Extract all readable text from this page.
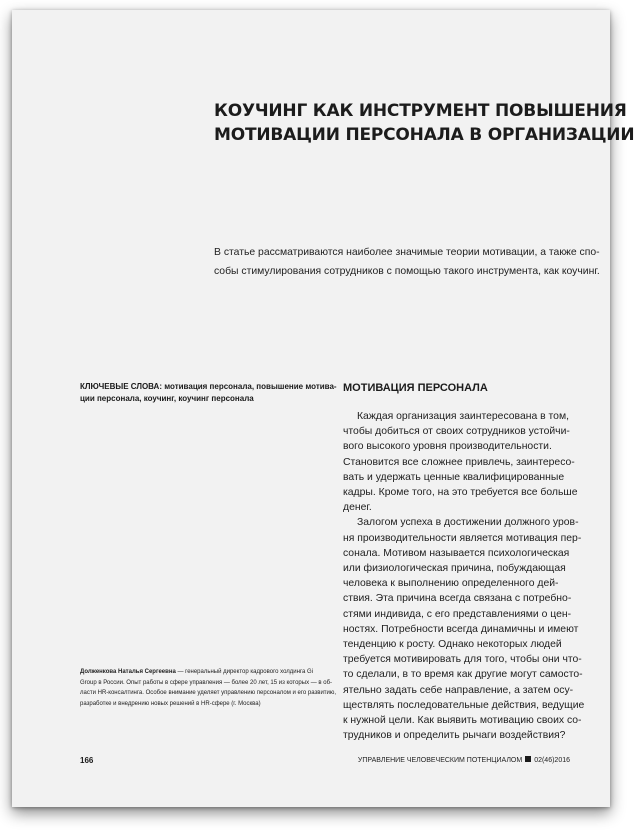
КОУЧИНГ КАК ИНСТРУМЕНТ ПОВЫШЕНИЯ
МОТИВАЦИИ ПЕРСОНАЛА В ОРГАНИЗАЦИИ

В статье рассматриваются наиболее значимые теории мотивации, а также спо-
собы стимулирования сотрудников с помощью такого инструмента, как коучинг.

КЛЮЧЕВЫЕ СЛОВА: мотивация персонала, повышение мотива-
ции персонала, коучинг, коучинг персонала

Долженкова Наталья Сергеевна — генеральный директор кадрового холдинга Gi
Group в России. Опыт работы в сфере управления — более 20 лет, 15 из которых — в об-
ласти HR-консалтинга. Особое внимание уделяет управлению персоналом и его развитию,
разработке и внедрению новых решений в HR-сфере (г. Москва)

МОТИВАЦИЯ ПЕРСОНАЛА
Каждая организация заинтересована в том,
чтобы добиться от своих сотрудников устойчи-
вого высокого уровня производительности.
Становится все сложнее привлечь, заинтересо-
вать и удержать ценные квалифицированные
кадры. Кроме того, на это требуется все больше
денег.
Залогом успеха в достижении должного уров-
ня производительности является мотивация пер-
сонала. Мотивом называется психологическая
или физиологическая причина, побуждающая
человека к выполнению определенного дей-
ствия. Эта причина всегда связана с потребно-
стями индивида, с его представлениями о цен-
ностях. Потребности всегда динамичны и имеют
тенденцию к росту. Однако некоторых людей
требуется мотивировать для того, чтобы они что-
то сделали, в то время как другие могут самосто-
ятельно задать себе направление, а затем осу-
ществлять последовательные действия, ведущие
к нужной цели. Как выявить мотивацию своих со-
трудников и определить рычаги воздействия?

166	УПРАВЛЕНИЕ ЧЕЛОВЕЧЕСКИМ ПОТЕНЦИАЛОМ 02(46)2016
